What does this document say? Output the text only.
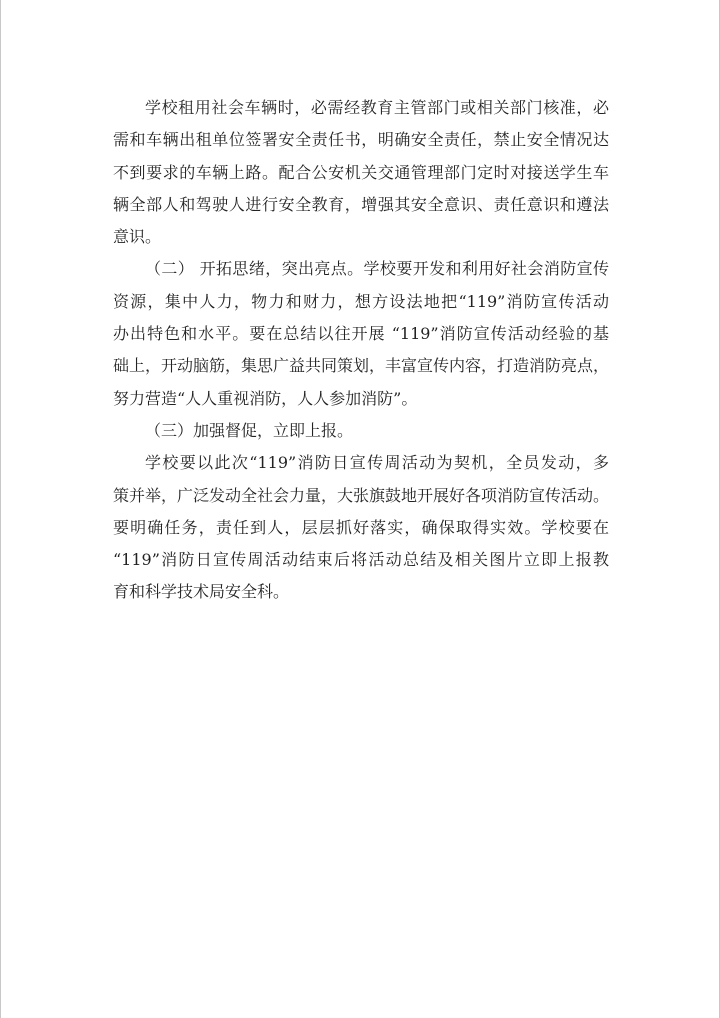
学校租用社会车辆时，必需经教育主管部门或相关部门核准，必
需和车辆出租单位签署安全责任书，明确安全责任，禁止安全情况达
不到要求的车辆上路。配合公安机关交通管理部门定时对接送学生车
辆全部人和驾驶人进行安全教育，增强其安全意识、责任意识和遵法
意识。
（二） 开拓思绪，突出亮点。学校要开发和利用好社会消防宣传
资源，集中人力，物力和财力，想方设法地把“119”消防宣传活动
办出特色和水平。要在总结以往开展 “119”消防宣传活动经验的基
础上，开动脑筋，集思广益共同策划，丰富宣传内容，打造消防亮点，
努力营造“人人重视消防，人人参加消防”。
（三）加强督促，立即上报。
学校要以此次“119”消防日宣传周活动为契机，全员发动，多
策并举，广泛发动全社会力量，大张旗鼓地开展好各项消防宣传活动。
要明确任务，责任到人，层层抓好落实，确保取得实效。学校要在
“119”消防日宣传周活动结束后将活动总结及相关图片立即上报教
育和科学技术局安全科。
